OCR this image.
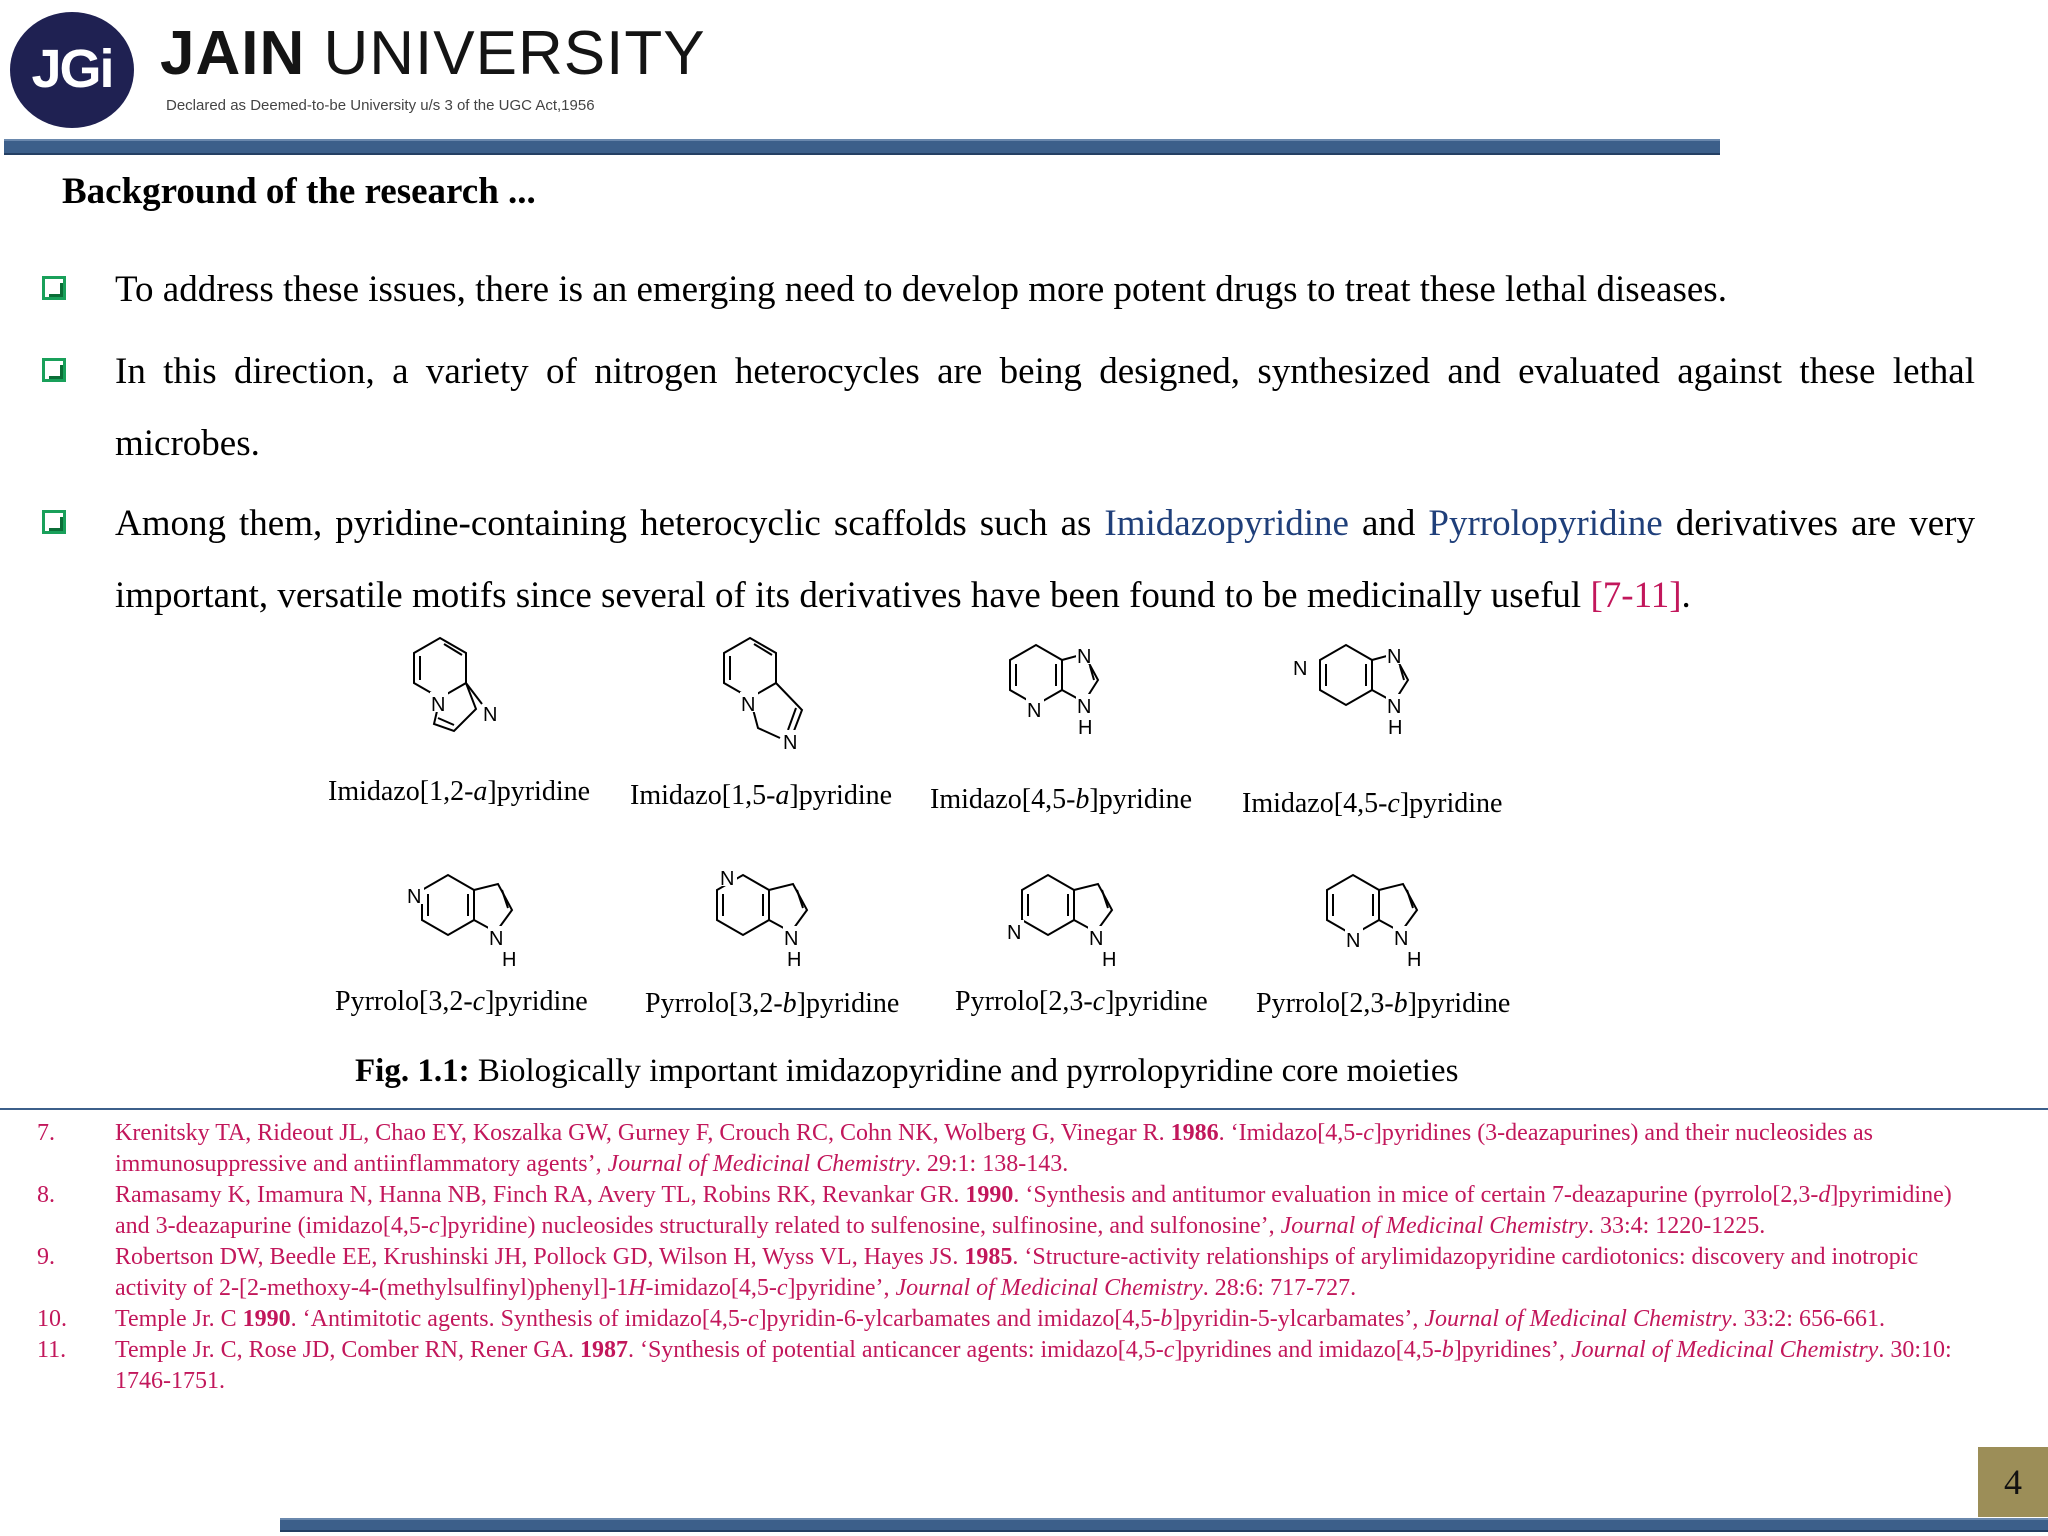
JGi JAIN UNIVERSITY
Declared as Deemed-to-be University u/s 3 of the UGC Act,1956
Background of the research ...
To address these issues, there is an emerging need to develop more potent drugs to treat these lethal diseases.
In this direction, a variety of nitrogen heterocycles are being designed, synthesized and evaluated against these lethal microbes.
Among them, pyridine-containing heterocyclic scaffolds such as Imidazopyridine and Pyrrolopyridine derivatives are very important, versatile motifs since several of its derivatives have been found to be medicinally useful [7-11].
N N
Imidazo[1,2-a]pyridine
N
N
Imidazo[1,5-a]pyridine
N
N
H
N
Imidazo[4,5-b]pyridine
N
N
H
N
Imidazo[4,5-c]pyridine
N
H
N
Pyrrolo[3,2-c]pyridine
N
N
H
Pyrrolo[3,2-b]pyridine
N	N
H
Pyrrolo[2,3-c]pyridine
N N
H
Pyrrolo[2,3-b]pyridine
Fig. 1.1: Biologically important imidazopyridine and pyrrolopyridine core moieties
7.	Krenitsky TA, Rideout JL, Chao EY, Koszalka GW, Gurney F, Crouch RC, Cohn NK, Wolberg G, Vinegar R. 1986. ‘Imidazo[4,5-c]pyridines (3-deazapurines) and their nucleosides as immunosuppressive and antiinflammatory agents’, Journal of Medicinal Chemistry. 29:1: 138-143.
8.	Ramasamy K, Imamura N, Hanna NB, Finch RA, Avery TL, Robins RK, Revankar GR. 1990. ‘Synthesis and antitumor evaluation in mice of certain 7-deazapurine (pyrrolo[2,3-d]pyrimidine) and 3-deazapurine (imidazo[4,5-c]pyridine) nucleosides structurally related to sulfenosine, sulfinosine, and sulfonosine’, Journal of Medicinal Chemistry. 33:4: 1220-1225.
9.	Robertson DW, Beedle EE, Krushinski JH, Pollock GD, Wilson H, Wyss VL, Hayes JS. 1985. ‘Structure-activity relationships of arylimidazopyridine cardiotonics: discovery and inotropic activity of 2-[2-methoxy-4-(methylsulfinyl)phenyl]-1H-imidazo[4,5-c]pyridine’, Journal of Medicinal Chemistry. 28:6: 717-727.
10. Temple Jr. C 1990. ‘Antimitotic agents. Synthesis of imidazo[4,5-c]pyridin-6-ylcarbamates and imidazo[4,5-b]pyridin-5-ylcarbamates’, Journal of Medicinal Chemistry. 33:2: 656-661.
11. Temple Jr. C, Rose JD, Comber RN, Rener GA. 1987. ‘Synthesis of potential anticancer agents: imidazo[4,5-c]pyridines and imidazo[4,5-b]pyridines’, Journal of Medicinal Chemistry. 30:10: 1746-1751.
4
